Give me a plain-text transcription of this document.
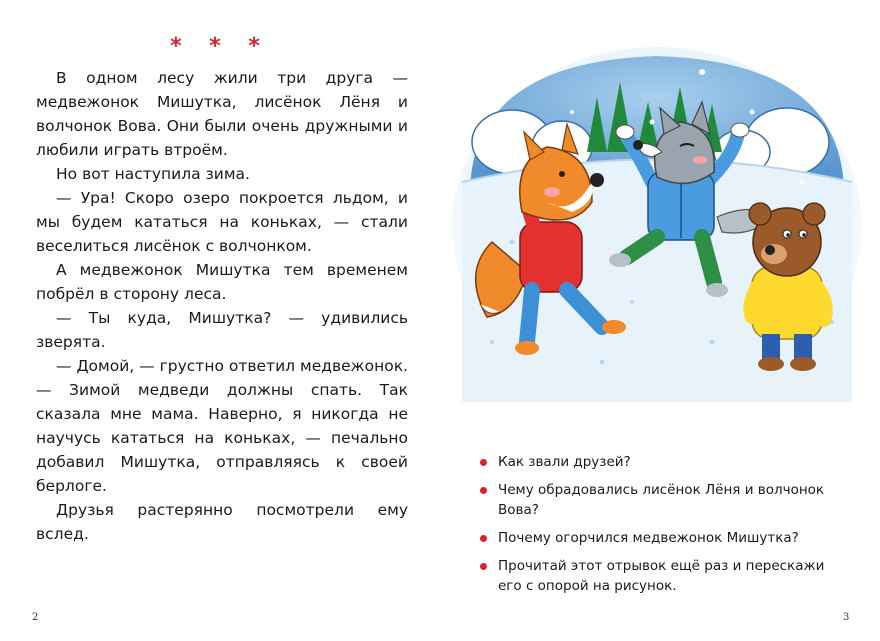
* * *

В одном лесу жили три друга — медвежонок Мишутка, лисёнок Лёня и волчонок Вова. Они были очень дружными и любили играть втроём.

Но вот наступила зима.

— Ура! Скоро озеро покроется льдом, и мы будем кататься на коньках, — стали веселиться лисёнок с волчонком.

А медвежонок Мишутка тем временем побрёл в сторону леса.

— Ты куда, Мишутка? — удивились зверята.

— Домой, — грустно ответил медвежонок. — Зимой медведи должны спать. Так сказала мне мама. Наверно, я никогда не научусь кататься на коньках, — печально добавил Мишутка, отправляясь к своей берлоге.

Друзья растерянно посмотрели ему вслед.

2
Как звали друзей?
Чему обрадовались лисёнок Лёня и волчонок Вова?
Почему огорчился медвежонок Мишутка?
Прочитай этот отрывок ещё раз и перескажи его с опорой на рисунок.
3
